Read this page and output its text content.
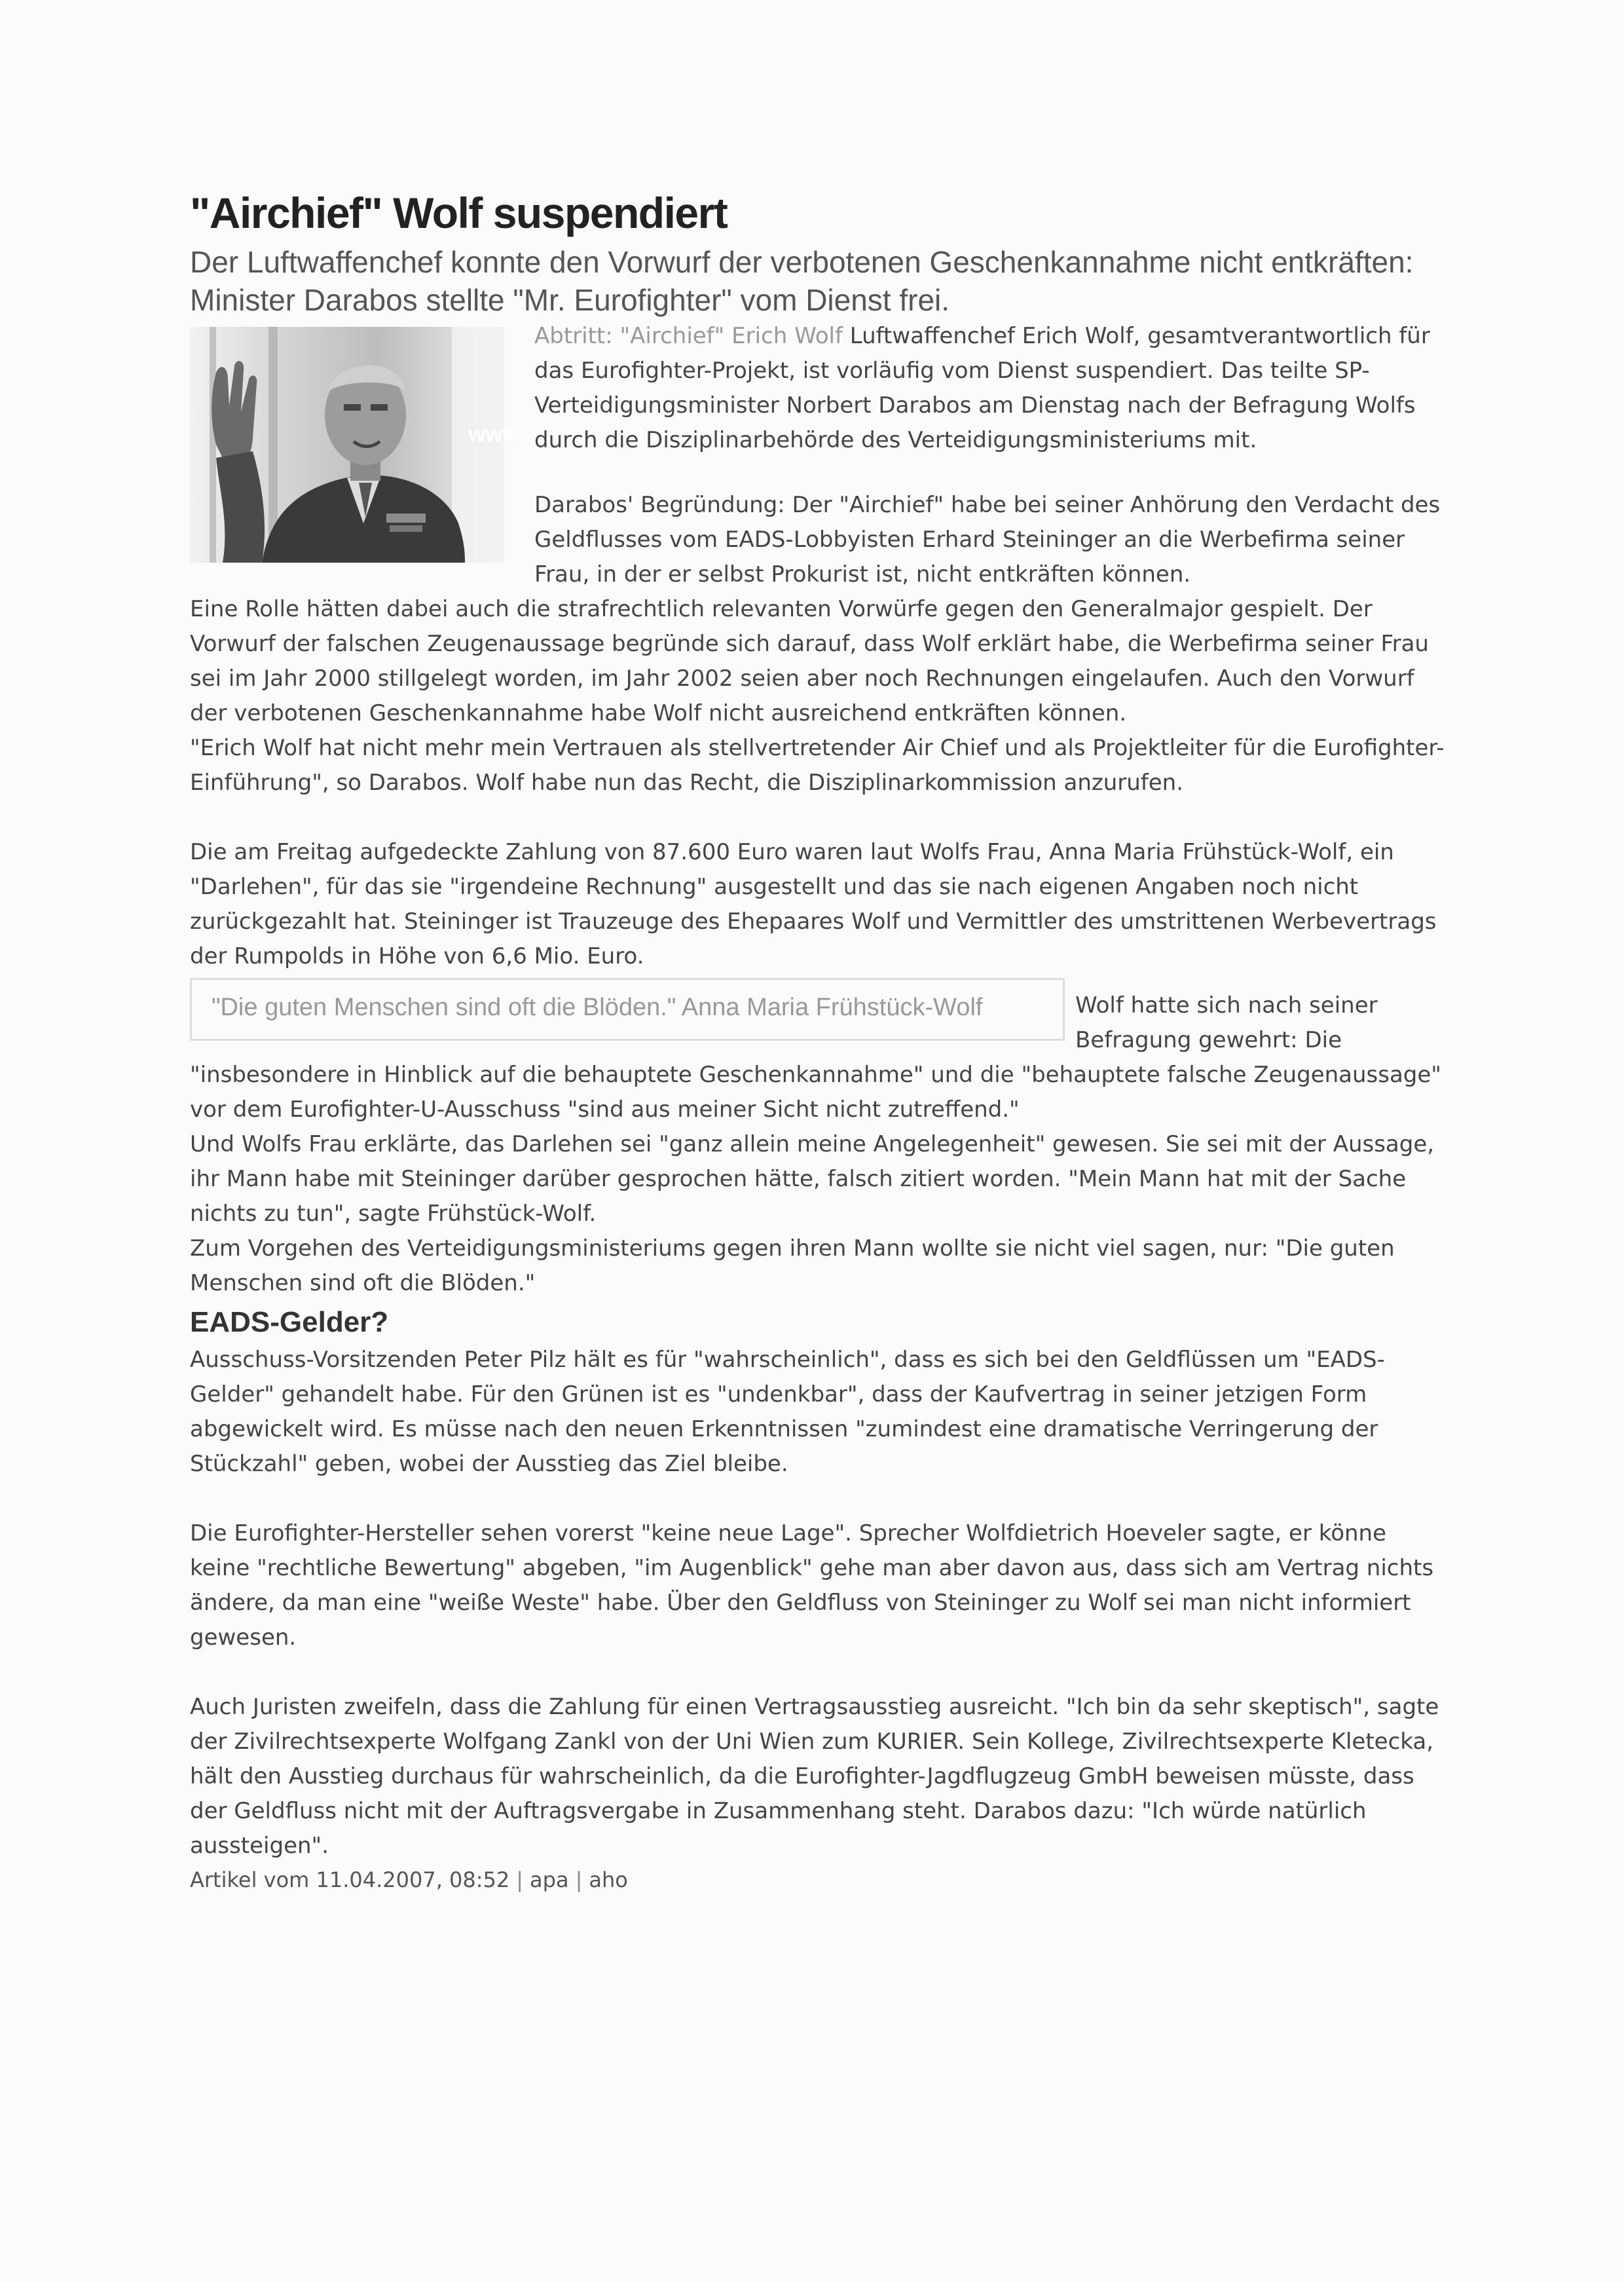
"Airchief" Wolf suspendiert

Der Luftwaffenchef konnte den Vorwurf der verbotenen Geschenkannahme nicht entkräften: Minister Darabos stellte "Mr. Eurofighter" vom Dienst frei.

www

Abtritt: "Airchief" Erich Wolf Luftwaffenchef Erich Wolf, gesamtverantwortlich für das Eurofighter-Projekt, ist vorläufig vom Dienst suspendiert. Das teilte SP-Verteidigungsminister Norbert Darabos am Dienstag nach der Befragung Wolfs durch die Disziplinarbehörde des Verteidigungsministeriums mit.

Darabos' Begründung: Der "Airchief" habe bei seiner Anhörung den Verdacht des Geldflusses vom EADS-Lobbyisten Erhard Steininger an die Werbefirma seiner Frau, in der er selbst Prokurist ist, nicht entkräften können.

Eine Rolle hätten dabei auch die strafrechtlich relevanten Vorwürfe gegen den Generalmajor gespielt. Der Vorwurf der falschen Zeugenaussage begründe sich darauf, dass Wolf erklärt habe, die Werbefirma seiner Frau sei im Jahr 2000 stillgelegt worden, im Jahr 2002 seien aber noch Rechnungen eingelaufen. Auch den Vorwurf der verbotenen Geschenkannahme habe Wolf nicht ausreichend entkräften können.

"Erich Wolf hat nicht mehr mein Vertrauen als stellvertretender Air Chief und als Projektleiter für die Eurofighter-Einführung", so Darabos. Wolf habe nun das Recht, die Disziplinarkommission anzurufen.

Die am Freitag aufgedeckte Zahlung von 87.600 Euro waren laut Wolfs Frau, Anna Maria Frühstück-Wolf, ein "Darlehen", für das sie "irgendeine Rechnung" ausgestellt und das sie nach eigenen Angaben noch nicht zurückgezahlt hat. Steininger ist Trauzeuge des Ehepaares Wolf und Vermittler des umstrittenen Werbevertrags der Rumpolds in Höhe von 6,6 Mio. Euro.

"Die guten Menschen sind oft die Blöden." Anna Maria Frühstück-Wolf	Wolf hatte sich nach seiner Befragung gewehrt: Die "insbesondere in Hinblick auf die behauptete Geschenkannahme" und die "behauptete falsche Zeugenaussage" vor dem Eurofighter-U-Ausschuss "sind aus meiner Sicht nicht zutreffend."

Und Wolfs Frau erklärte, das Darlehen sei "ganz allein meine Angelegenheit" gewesen. Sie sei mit der Aussage, ihr Mann habe mit Steininger darüber gesprochen hätte, falsch zitiert worden. "Mein Mann hat mit der Sache nichts zu tun", sagte Frühstück-Wolf.

Zum Vorgehen des Verteidigungsministeriums gegen ihren Mann wollte sie nicht viel sagen, nur: "Die guten Menschen sind oft die Blöden."

EADS-Gelder?

Ausschuss-Vorsitzenden Peter Pilz hält es für "wahrscheinlich", dass es sich bei den Geldflüssen um "EADS-Gelder" gehandelt habe. Für den Grünen ist es "undenkbar", dass der Kaufvertrag in seiner jetzigen Form abgewickelt wird. Es müsse nach den neuen Erkenntnissen "zumindest eine dramatische Verringerung der Stückzahl" geben, wobei der Ausstieg das Ziel bleibe.

Die Eurofighter-Hersteller sehen vorerst "keine neue Lage". Sprecher Wolfdietrich Hoeveler sagte, er könne keine "rechtliche Bewertung" abgeben, "im Augenblick" gehe man aber davon aus, dass sich am Vertrag nichts ändere, da man eine "weiße Weste" habe. Über den Geldfluss von Steininger zu Wolf sei man nicht informiert gewesen.

Auch Juristen zweifeln, dass die Zahlung für einen Vertragsausstieg ausreicht. "Ich bin da sehr skeptisch", sagte der Zivilrechtsexperte Wolfgang Zankl von der Uni Wien zum KURIER. Sein Kollege, Zivilrechtsexperte Kletecka, hält den Ausstieg durchaus für wahrscheinlich, da die Eurofighter-Jagdflugzeug GmbH beweisen müsste, dass der Geldfluss nicht mit der Auftragsvergabe in Zusammenhang steht. Darabos dazu: "Ich würde natürlich aussteigen".

Artikel vom 11.04.2007, 08:52 | apa | aho
